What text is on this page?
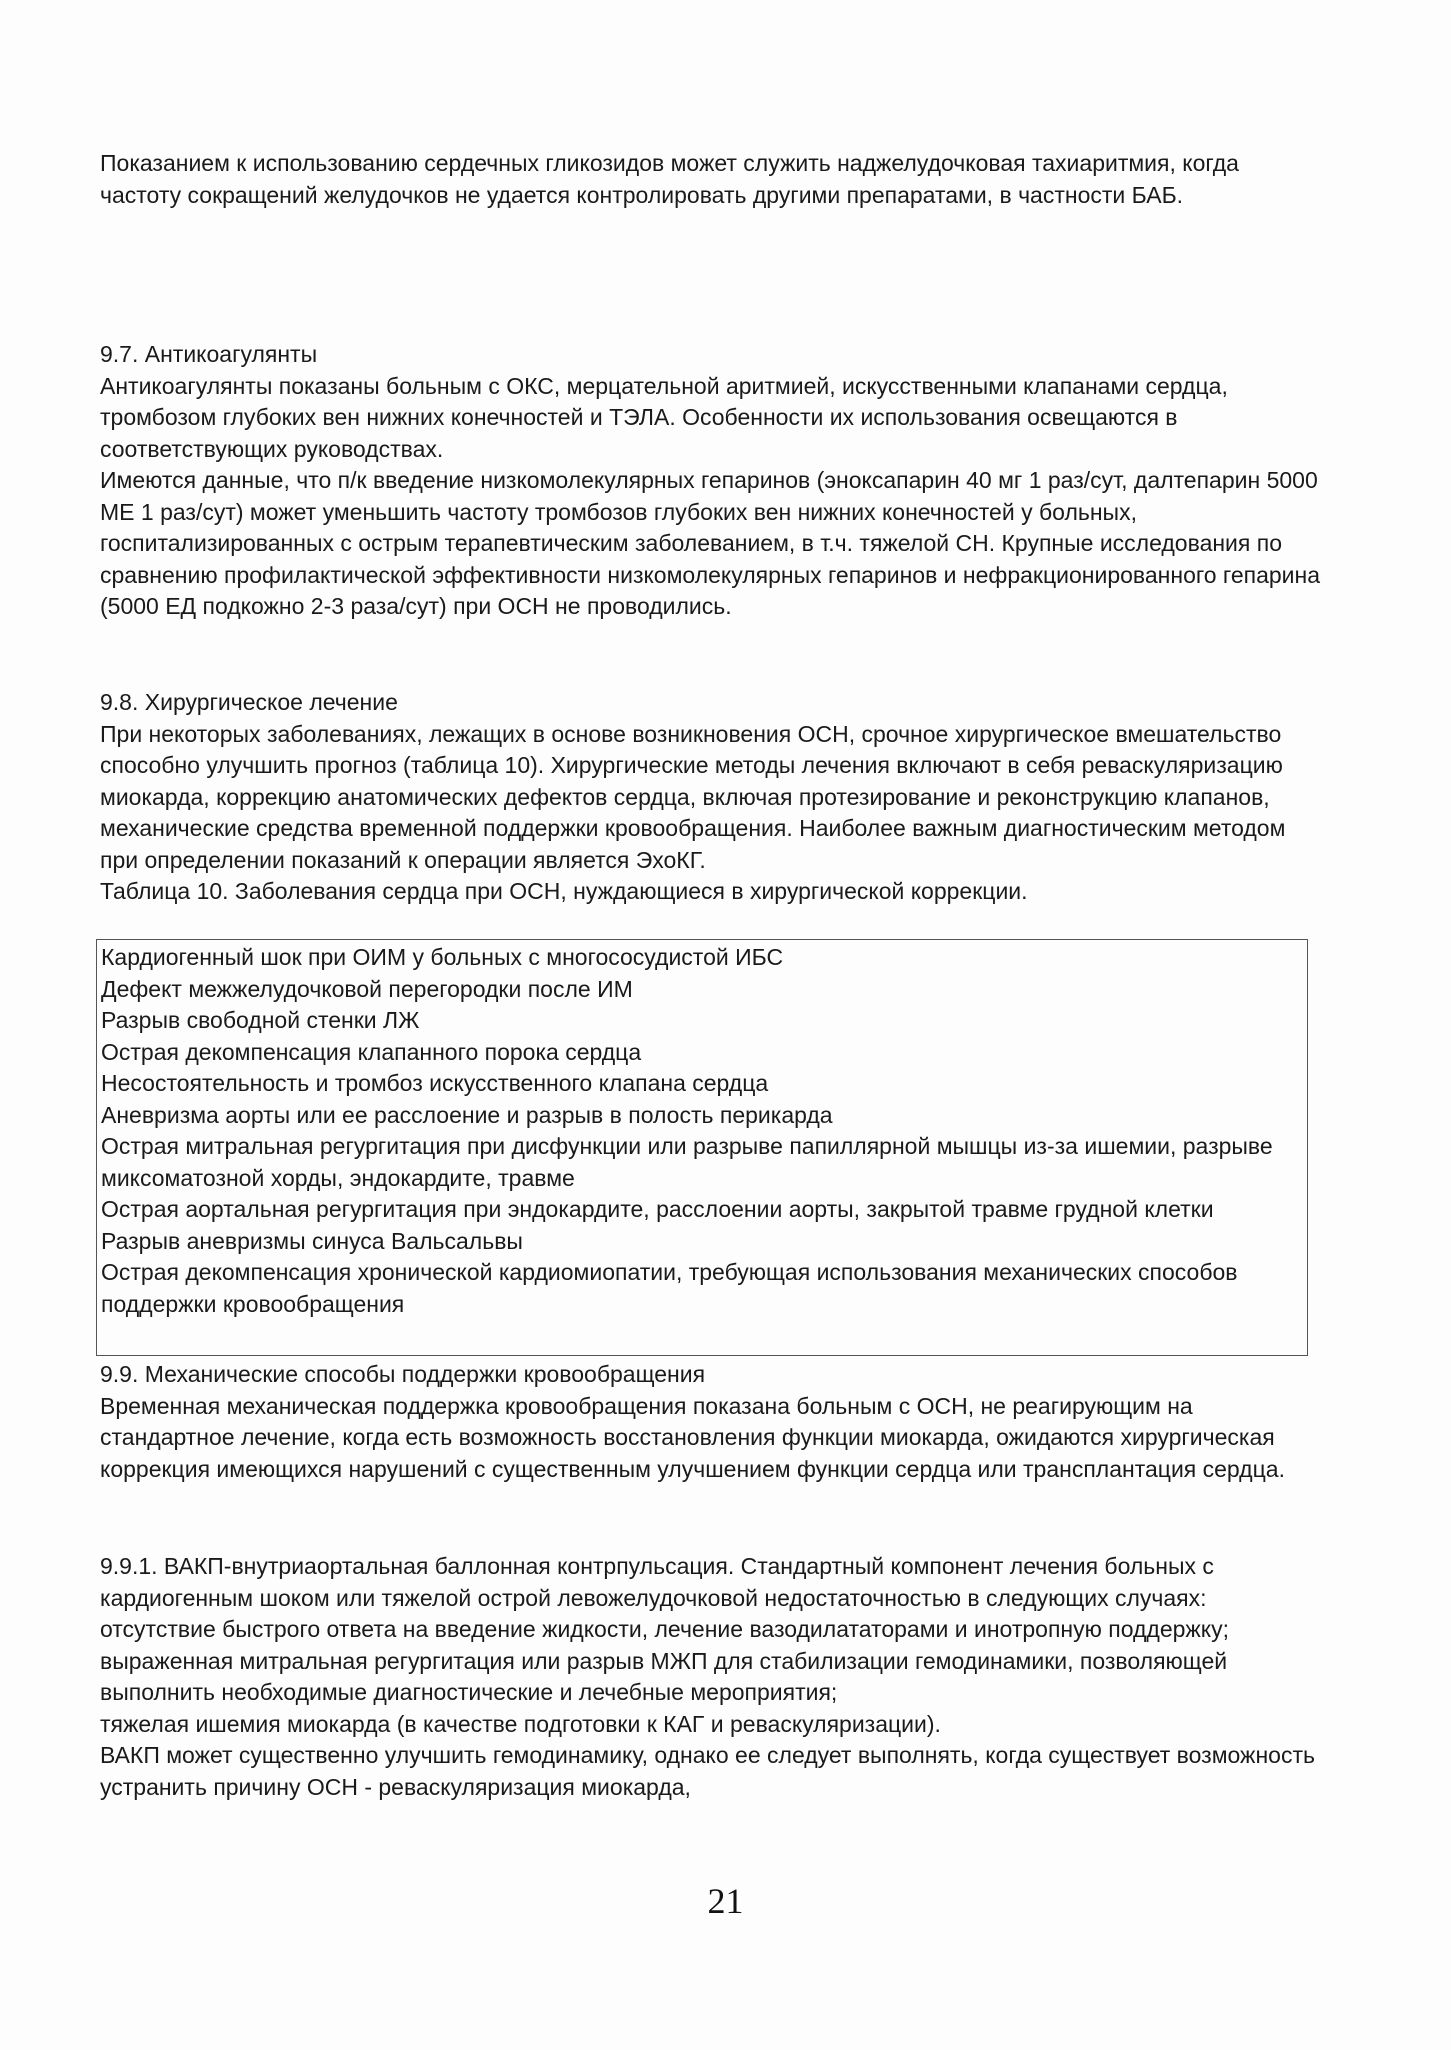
Показанием к использованию сердечных гликозидов может служить наджелудочковая тахиаритмия, когда частоту сокращений желудочков не удается контролировать другими препаратами, в частности БАБ.

9.7. Антикоагулянты

Антикоагулянты показаны больным с ОКС, мерцательной аритмией, искусственными клапанами сердца, тромбозом глубоких вен нижних конечностей и ТЭЛА. Особенности их использования освещаются в соответствующих руководствах.

Имеются данные, что п/к введение низкомолекулярных гепаринов (эноксапарин 40 мг 1 раз/сут, далтепарин 5000 МЕ 1 раз/сут) может уменьшить частоту тромбозов глубоких вен нижних конечностей у больных, госпитализированных с острым терапевтическим заболеванием, в т.ч. тяжелой СН. Крупные исследования по сравнению профилактической эффективности низкомолекулярных гепаринов и нефракционированного гепарина (5000 ЕД подкожно 2-3 раза/сут) при ОСН не проводились.

9.8. Хирургическое лечение

При некоторых заболеваниях, лежащих в основе возникновения ОСН, срочное хирургическое вмешательство способно улучшить прогноз (таблица 10). Хирургические методы лечения включают в себя реваскуляризацию миокарда, коррекцию анатомических дефектов сердца, включая протезирование и реконструкцию клапанов, механические средства временной поддержки кровообращения. Наиболее важным диагностическим методом при определении показаний к операции является ЭхоКГ.

Таблица 10. Заболевания сердца при ОСН, нуждающиеся в хирургической коррекции.

Кардиогенный шок при ОИМ у больных с многососудистой ИБС

Дефект межжелудочковой перегородки после ИМ

Разрыв свободной стенки ЛЖ

Острая декомпенсация клапанного порока сердца

Несостоятельность и тромбоз искусственного клапана сердца

Аневризма аорты или ее расслоение и разрыв в полость перикарда

Острая митральная регургитация при дисфункции или разрыве папиллярной мышцы из-за ишемии, разрыве миксоматозной хорды, эндокардите, травме

Острая аортальная регургитация при эндокардите, расслоении аорты, закрытой травме грудной клетки

Разрыв аневризмы синуса Вальсальвы

Острая декомпенсация хронической кардиомиопатии, требующая использования механических способов поддержки кровообращения

9.9. Механические способы поддержки кровообращения

Временная механическая поддержка кровообращения показана больным с ОСН, не реагирующим на стандартное лечение, когда есть возможность восстановления функции миокарда, ожидаются хирургическая коррекция имеющихся нарушений с существенным улучшением функции сердца или трансплантация сердца.

9.9.1. ВАКП-внутриаортальная баллонная контрпульсация. Стандартный компонент лечения больных с кардиогенным шоком или тяжелой острой левожелудочковой недостаточностью в следующих случаях:

отсутствие быстрого ответа на введение жидкости, лечение вазодилататорами и инотропную поддержку;

выраженная митральная регургитация или разрыв МЖП для стабилизации гемодинамики, позволяющей выполнить необходимые диагностические и лечебные мероприятия;

тяжелая ишемия миокарда (в качестве подготовки к КАГ и реваскуляризации).

ВАКП может существенно улучшить гемодинамику, однако ее следует выполнять, когда существует возможность устранить причину ОСН - реваскуляризация миокарда,

21
